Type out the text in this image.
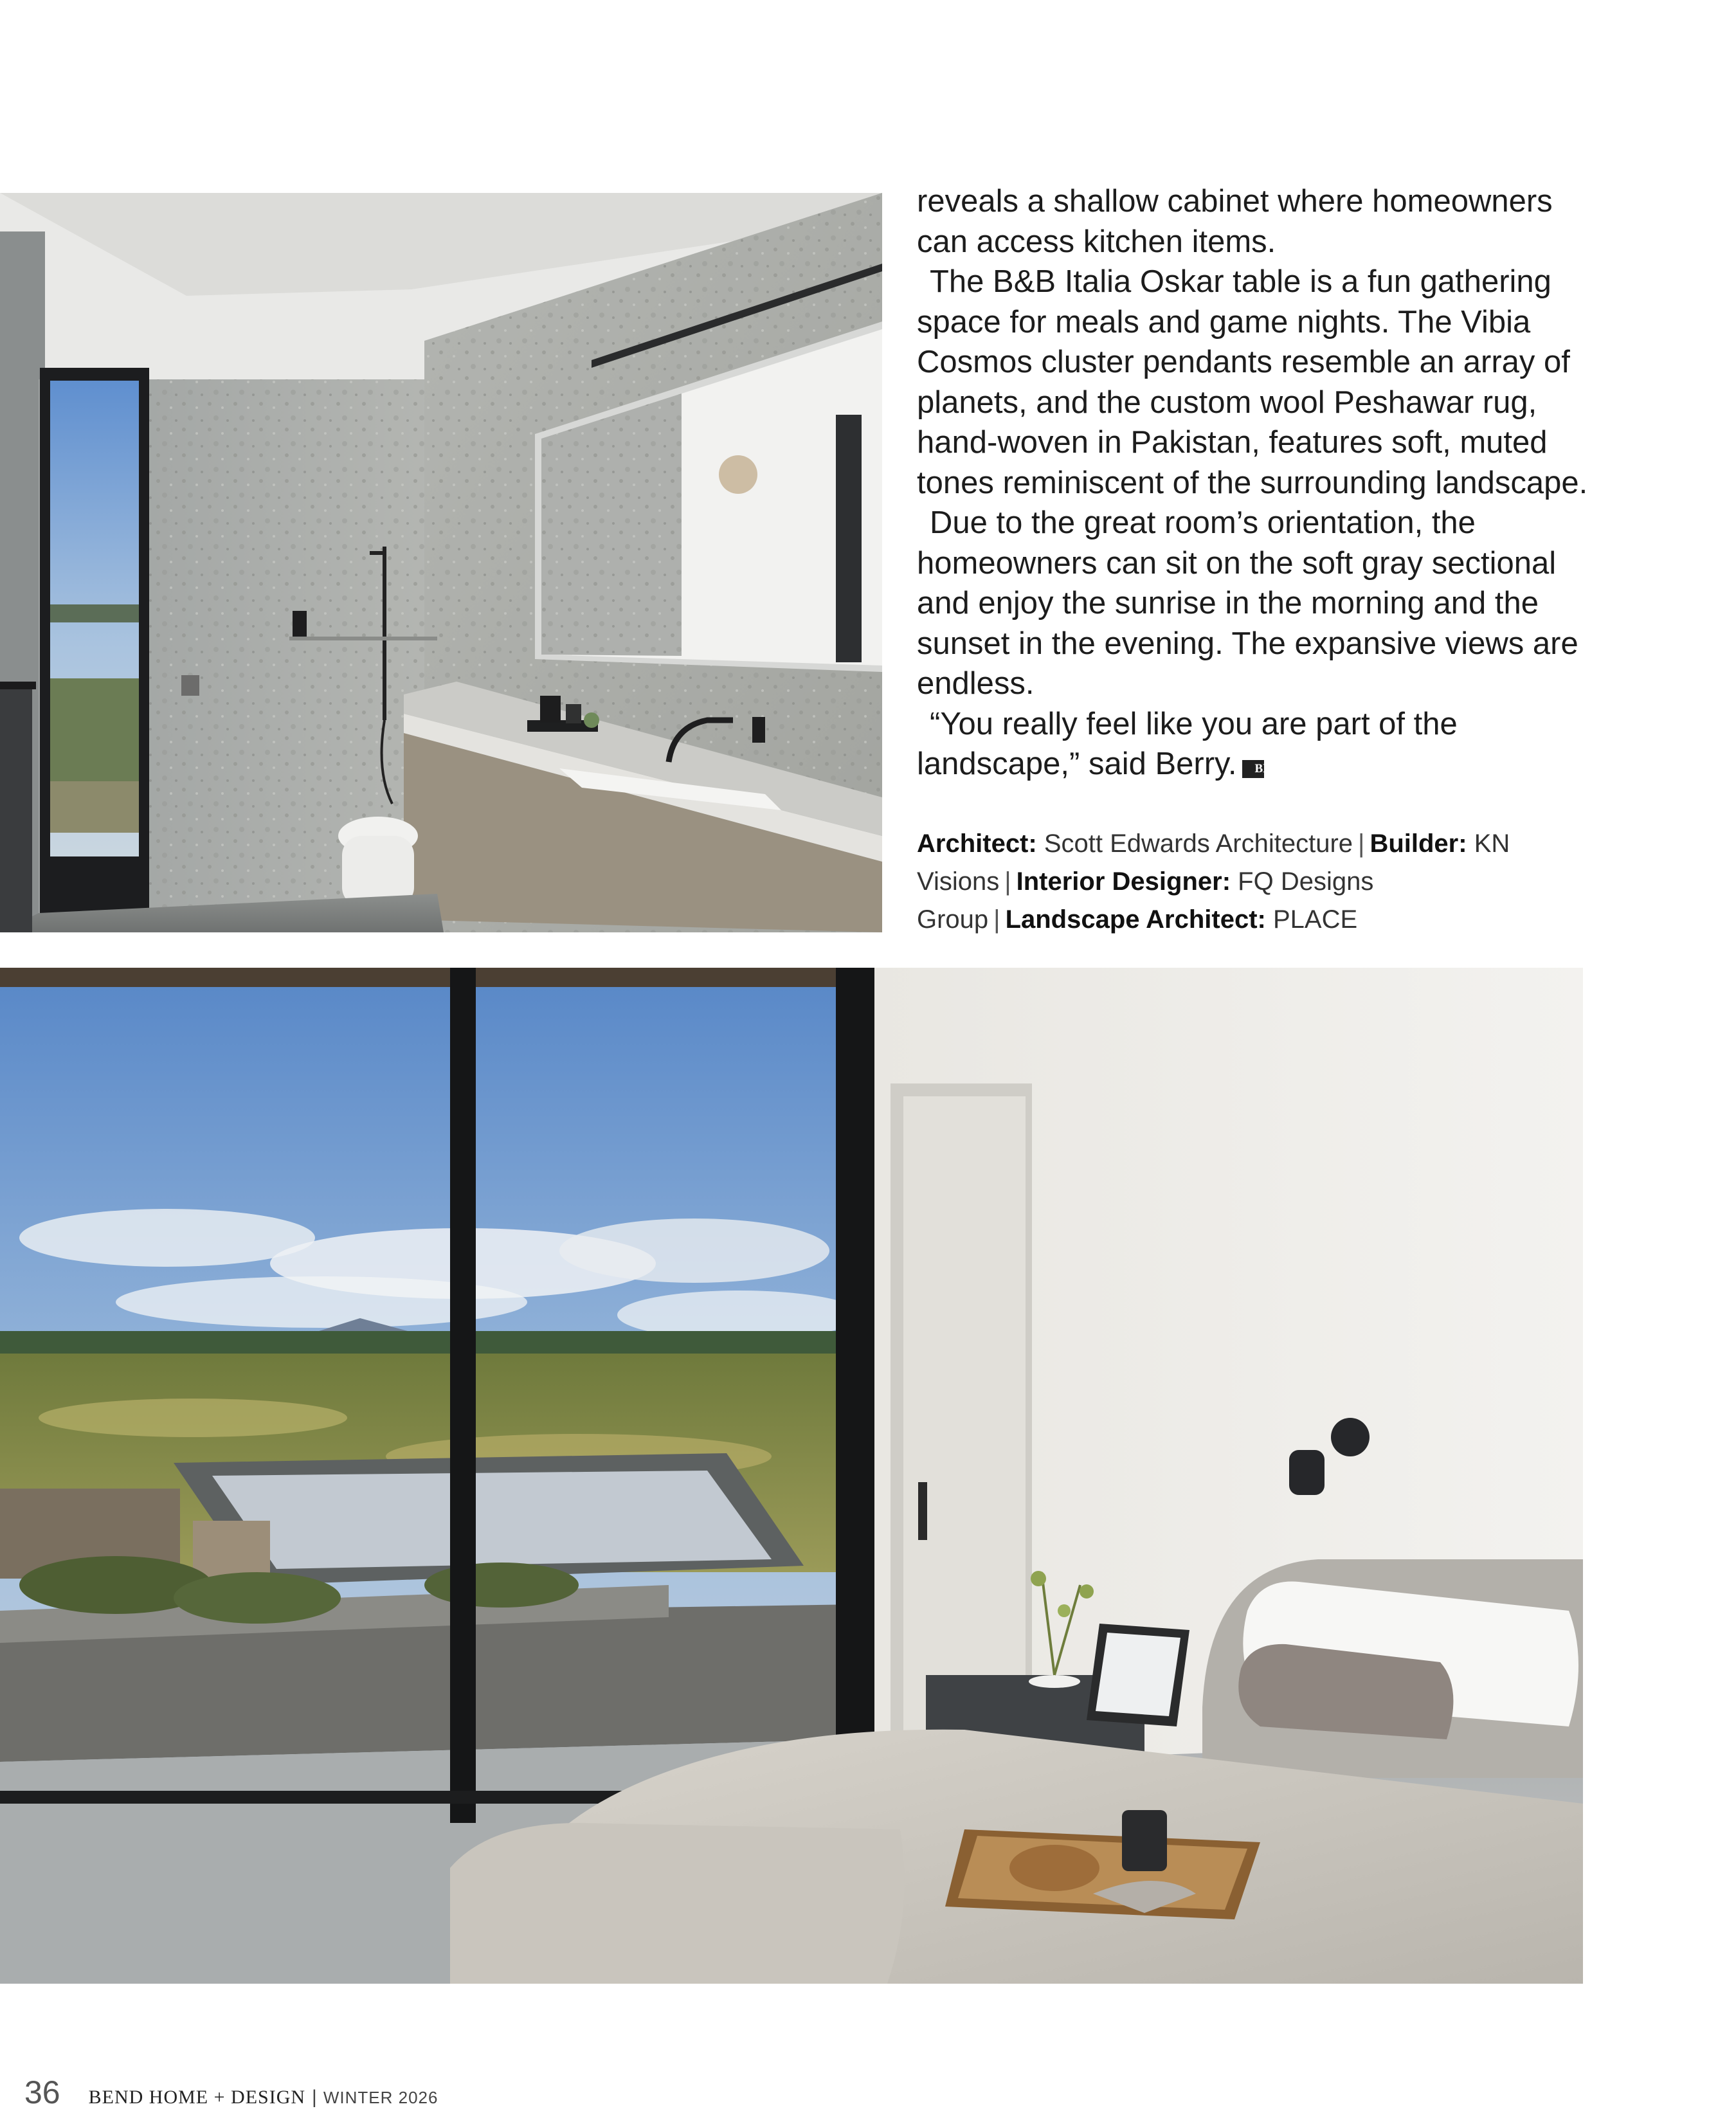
reveals a shallow cabinet where homeowners can access kitchen items.

The B&B Italia Oskar table is a fun gathering space for meals and game nights. The Vibia Cosmos cluster pendants resemble an array of planets, and the custom wool Peshawar rug, hand-woven in Pakistan, features soft, muted tones reminiscent of the surrounding landscape.

Due to the great room’s orientation, the homeowners can sit on the soft gray sectional and enjoy the sunrise in the morning and the sunset in the evening. The expansive views are endless.

“You really feel like you are part of the landscape,” said Berry. BH

Architect: Scott Edwards Architecture | Builder: KN Visions | Interior Designer: FQ Designs Group | Landscape Architect: PLACE
36 BEND HOME + DESIGN | WINTER 2026
